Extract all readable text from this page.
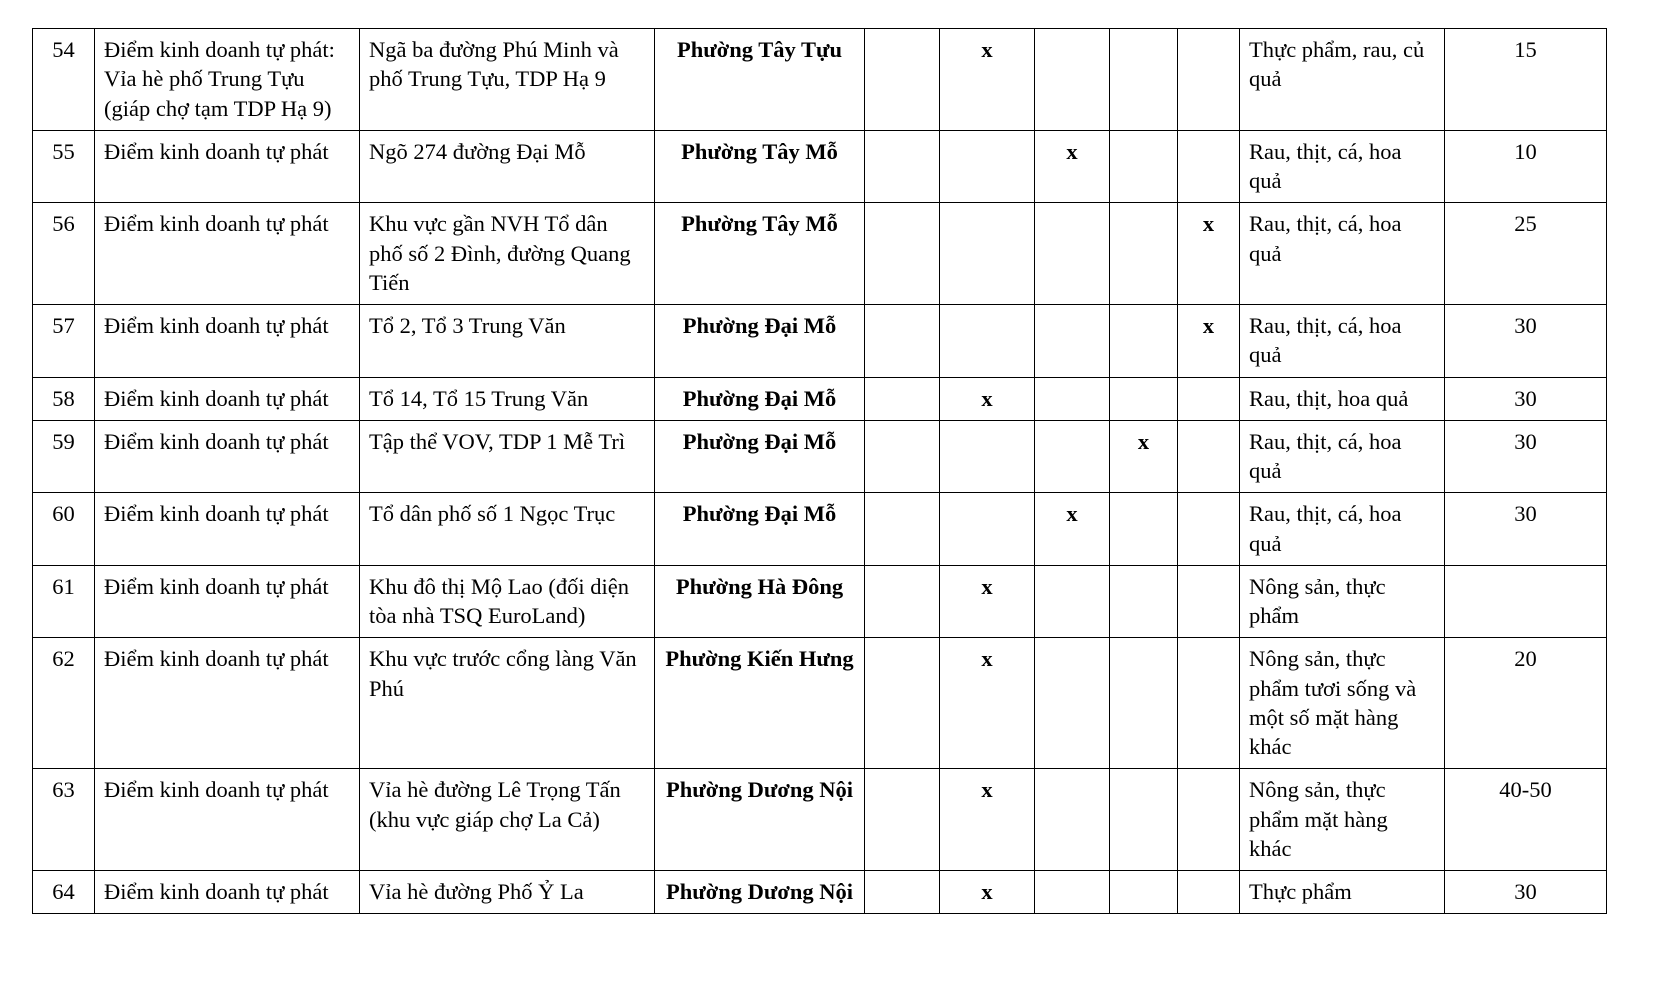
54	Điểm kinh doanh tự phát: Vỉa hè phố Trung Tựu (giáp chợ tạm TDP Hạ 9)	Ngã ba đường Phú Minh và phố Trung Tựu, TDP Hạ 9	Phường Tây Tựu		x				Thực phẩm, rau, củ quả	15
55	Điểm kinh doanh tự phát	Ngõ 274 đường Đại Mỗ	Phường Tây Mỗ			x			Rau, thịt, cá, hoa quả	10
56	Điểm kinh doanh tự phát	Khu vực gần NVH Tổ dân phố số 2 Đình, đường Quang Tiến	Phường Tây Mỗ					x	Rau, thịt, cá, hoa quả	25
57	Điểm kinh doanh tự phát	Tổ 2, Tổ 3 Trung Văn	Phường Đại Mỗ					x	Rau, thịt, cá, hoa quả	30
58	Điểm kinh doanh tự phát	Tổ 14, Tổ 15 Trung Văn	Phường Đại Mỗ		x				Rau, thịt, hoa quả	30
59	Điểm kinh doanh tự phát	Tập thể VOV, TDP 1 Mễ Trì	Phường Đại Mỗ				x		Rau, thịt, cá, hoa quả	30
60	Điểm kinh doanh tự phát	Tổ dân phố số 1 Ngọc Trục	Phường Đại Mỗ			x			Rau, thịt, cá, hoa quả	30
61	Điểm kinh doanh tự phát	Khu đô thị Mộ Lao (đối diện tòa nhà TSQ EuroLand)	Phường Hà Đông		x				Nông sản, thực phẩm	
62	Điểm kinh doanh tự phát	Khu vực trước cổng làng Văn Phú	Phường Kiến Hưng		x				Nông sản, thực phẩm tươi sống và một số mặt hàng khác	20
63	Điểm kinh doanh tự phát	Vỉa hè đường Lê Trọng Tấn (khu vực giáp chợ La Cả)	Phường Dương Nội		x				Nông sản, thực phẩm mặt hàng khác	40-50
64	Điểm kinh doanh tự phát	Vỉa hè đường Phố Ỷ La	Phường Dương Nội		x				Thực phẩm	30
